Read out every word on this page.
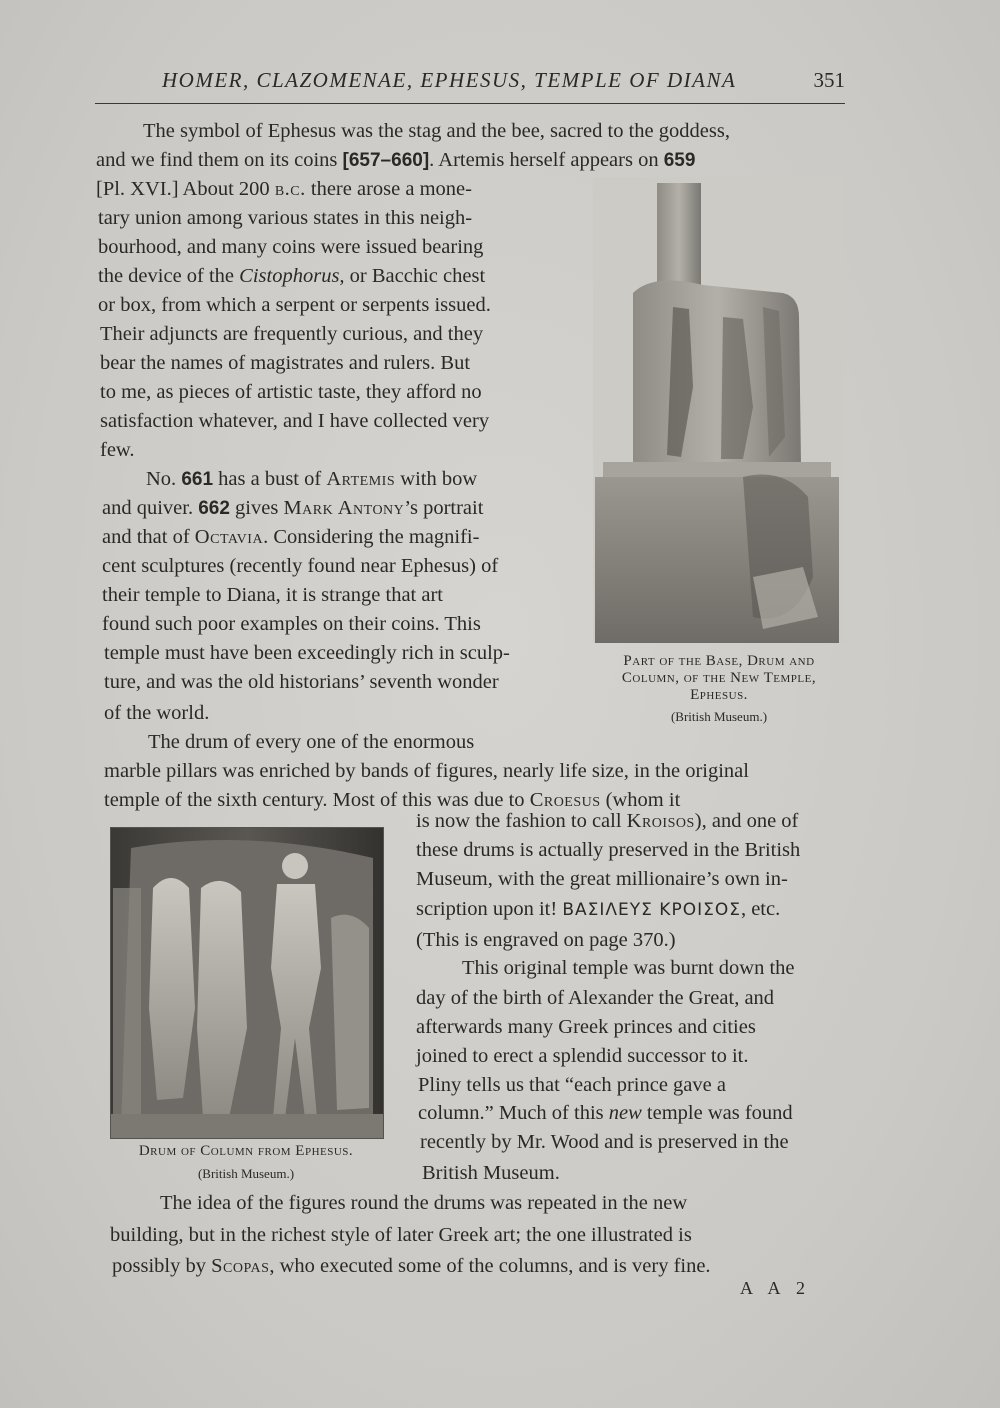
HOMER, CLAZOMENAE, EPHESUS, TEMPLE OF DIANA	351
The symbol of Ephesus was the stag and the bee, sacred to the goddess,
and we find them on its coins [657–660]. Artemis herself appears on 659
[Pl. XVI.] About 200 b.c. there arose a mone-
tary union among various states in this neigh-
bourhood, and many coins were issued bearing
the device of the Cistophorus, or Bacchic chest
or box, from which a serpent or serpents issued.
Their adjuncts are frequently curious, and they
bear the names of magistrates and rulers. But
to me, as pieces of artistic taste, they afford no
satisfaction whatever, and I have collected very
few.
No. 661 has a bust of Artemis with bow
and quiver. 662 gives Mark Antony’s portrait
and that of Octavia. Considering the magnifi-
cent sculptures (recently found near Ephesus) of
their temple to Diana, it is strange that art
found such poor examples on their coins. This
temple must have been exceedingly rich in sculp-
ture, and was the old historians’ seventh wonder
of the world.
The drum of every one of the enormous
marble pillars was enriched by bands of figures, nearly life size, in the original
temple of the sixth century. Most of this was due to Croesus (whom it
is now the fashion to call Kroisos), and one of
these drums is actually preserved in the British
Museum, with the great millionaire’s own in-
scription upon it! ΒΑΣΙΛΕΥΣ ΚΡΟΙΣΟΣ, etc.
(This is engraved on page 370.)
This original temple was burnt down the
day of the birth of Alexander the Great, and
afterwards many Greek princes and cities
joined to erect a splendid successor to it.
Pliny tells us that “each prince gave a
column.” Much of this new temple was found
recently by Mr. Wood and is preserved in the
British Museum.
The idea of the figures round the drums was repeated in the new
building, but in the richest style of later Greek art; the one illustrated is
possibly by Scopas, who executed some of the columns, and is very fine.
Part of the Base, Drum and
Column, of the New Temple,
Ephesus.
(British Museum.)
Drum of Column from Ephesus.
(British Museum.)
A A 2
